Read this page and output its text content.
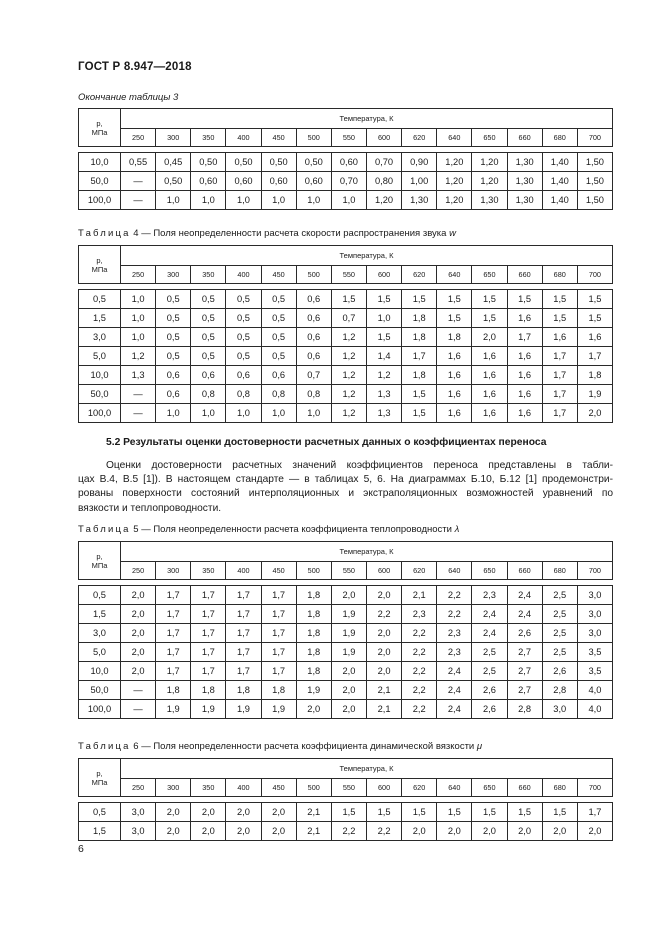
ГОСТ Р 8.947—2018
Окончание таблицы 3
p,
МПа	Температура, К													
	250	300	350	400	450	500	550	600	620	640	650	660	680	700

10,0	0,55	0,45	0,50	0,50	0,50	0,50	0,60	0,70	0,90	1,20	1,20	1,30	1,40	1,50
50,0	—	0,50	0,60	0,60	0,60	0,60	0,70	0,80	1,00	1,20	1,20	1,30	1,40	1,50
100,0	—	1,0	1,0	1,0	1,0	1,0	1,0	1,20	1,30	1,20	1,30	1,30	1,40	1,50
Таблица 4 — Поля неопределенности расчета скорости распространения звука w
p,
МПа	Температура, К													
	250	300	350	400	450	500	550	600	620	640	650	660	680	700

0,5	1,0	0,5	0,5	0,5	0,5	0,6	1,5	1,5	1,5	1,5	1,5	1,5	1,5	1,5
1,5	1,0	0,5	0,5	0,5	0,5	0,6	0,7	1,0	1,8	1,5	1,5	1,6	1,5	1,5
3,0	1,0	0,5	0,5	0,5	0,5	0,6	1,2	1,5	1,8	1,8	2,0	1,7	1,6	1,6
5,0	1,2	0,5	0,5	0,5	0,5	0,6	1,2	1,4	1,7	1,6	1,6	1,6	1,7	1,7
10,0	1,3	0,6	0,6	0,6	0,6	0,7	1,2	1,2	1,8	1,6	1,6	1,6	1,7	1,8
50,0	—	0,6	0,8	0,8	0,8	0,8	1,2	1,3	1,5	1,6	1,6	1,6	1,7	1,9
100,0	—	1,0	1,0	1,0	1,0	1,0	1,2	1,3	1,5	1,6	1,6	1,6	1,7	2,0
5.2 Результаты оценки достоверности расчетных данных о коэффициентах переноса
Оценки достоверности расчетных значений коэффициентов переноса представлены в табли-
цах В.4, В.5 [1]). В настоящем стандарте — в таблицах 5, 6. На диаграммах Б.10, Б.12 [1] продемонстри-
рованы поверхности состояний интерполяционных и экстраполяционных возможностей уравнений по
вязкости и теплопроводности.
Таблица 5 — Поля неопределенности расчета коэффициента теплопроводности λ
p,
МПа	Температура, К													
	250	300	350	400	450	500	550	600	620	640	650	660	680	700

0,5	2,0	1,7	1,7	1,7	1,7	1,8	2,0	2,0	2,1	2,2	2,3	2,4	2,5	3,0
1,5	2,0	1,7	1,7	1,7	1,7	1,8	1,9	2,2	2,3	2,2	2,4	2,4	2,5	3,0
3,0	2,0	1,7	1,7	1,7	1,7	1,8	1,9	2,0	2,2	2,3	2,4	2,6	2,5	3,0
5,0	2,0	1,7	1,7	1,7	1,7	1,8	1,9	2,0	2,2	2,3	2,5	2,7	2,5	3,5
10,0	2,0	1,7	1,7	1,7	1,7	1,8	2,0	2,0	2,2	2,4	2,5	2,7	2,6	3,5
50,0	—	1,8	1,8	1,8	1,8	1,9	2,0	2,1	2,2	2,4	2,6	2,7	2,8	4,0
100,0	—	1,9	1,9	1,9	1,9	2,0	2,0	2,1	2,2	2,4	2,6	2,8	3,0	4,0
Таблица 6 — Поля неопределенности расчета коэффициента динамической вязкости μ
p,
МПа	Температура, К													
	250	300	350	400	450	500	550	600	620	640	650	660	680	700

0,5	3,0	2,0	2,0	2,0	2,0	2,1	1,5	1,5	1,5	1,5	1,5	1,5	1,5	1,7
1,5	3,0	2,0	2,0	2,0	2,0	2,1	2,2	2,2	2,0	2,0	2,0	2,0	2,0	2,0
6
